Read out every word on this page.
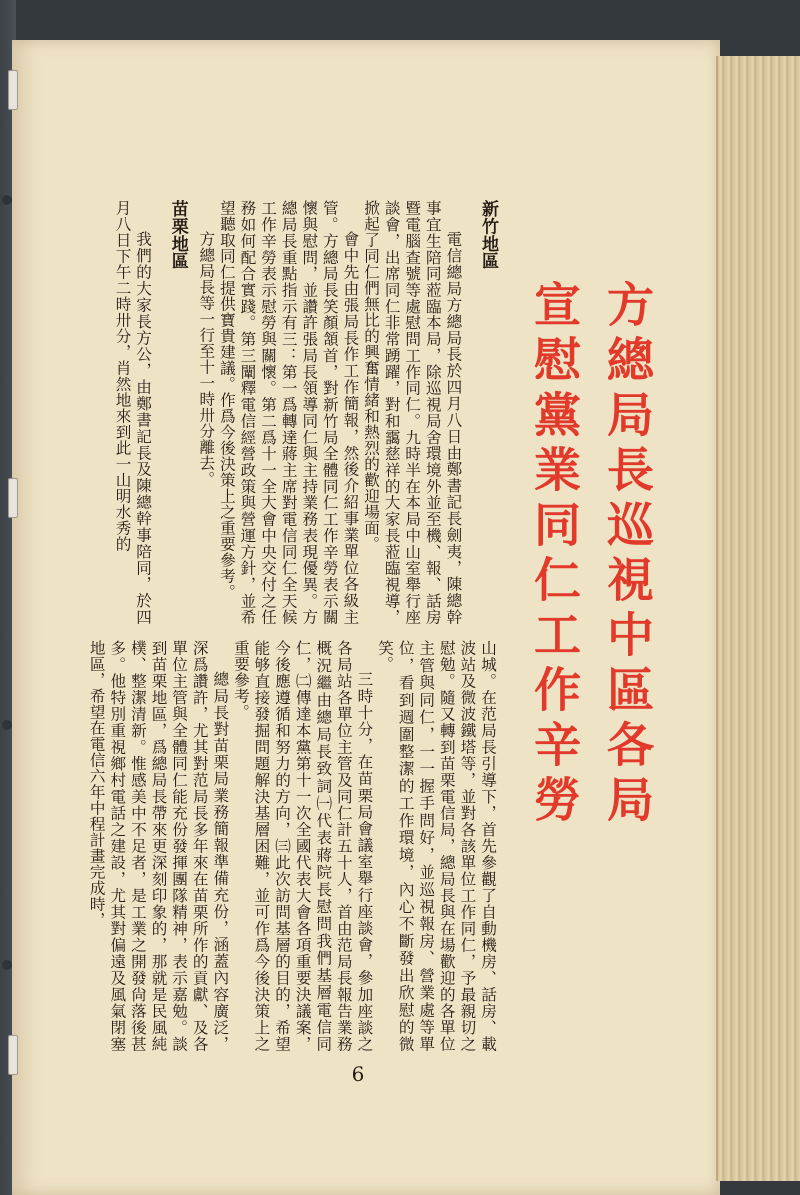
方總局長巡視中區各局
宣慰黨業同仁工作辛勞

新竹地區

電信總局方總局長於四月八日由鄭書記長劍夷，陳總幹事宜生陪同蒞臨本局，除巡視局舍環境外並至機、報、話房暨電腦查號等處慰問工作同仁。九時半在本局中山室舉行座談會，出席同仁非常踴躍，對和靄慈祥的大家長蒞臨視導，掀起了同仁們無比的興奮情緒和熱烈的歡迎場面。

會中先由張局長作工作簡報，然後介紹事業單位各級主管。方總局長笑顏頷首，對新竹局全體同仁工作辛勞表示關懷與慰問，並讚許張局長領導同仁與主持業務表現優異。方總局長重點指示有三：第一爲轉達蔣主席對電信同仁全天候工作辛勞表示慰勞與關懷。第二爲十一全大會中央交付之任務如何配合實踐。第三闡釋電信經營政策與營運方針，並希望聽取同仁提供寶貴建議。作爲今後決策上之重要參考。

方總局長等一行至十一時卅分離去。

苗栗地區

我們的大家長方公，由鄭書記長及陳總幹事陪同，於四月八日下午二時卅分，肖然地來到此一山明水秀的

山城。在范局長引導下，首先參觀了自動機房、話房、載波站及微波鐵塔等，並對各該單位工作同仁，予最親切之慰勉。隨又轉到苗栗電信局，總局長與在場歡迎的各單位主管與同仁，一一握手問好，並巡視報房、營業處等單位，看到週圍整潔的工作環境，內心不斷發出欣慰的微笑。

三時十分，在苗栗局會議室舉行座談會，參加座談之各局站各單位主管及同仁計五十人，首由范局長報告業務概況繼由總局長致詞㈠代表蔣院長慰問我們基層電信同仁，㈡傳達本黨第十一次全國代表大會各項重要決議案，今後應遵循和努力的方向，㈢此次訪問基層的目的，希望能够直接發掘問題解決基層困難，並可作爲今後決策上之重要參考。

總局長對苗栗局業務簡報準備充份，涵蓋內容廣泛，深爲讚許，尤其對范局長多年來在苗栗所作的貢獻、及各單位主管與全體同仁能充份發揮團隊精神，表示嘉勉。談到苗栗地區，爲總局長帶來更深刻印象的，那就是民風純樸、整潔清新。惟感美中不足者，是工業之開發尙落後甚多。他特別重視鄉村電話之建設，尤其對偏遠及風氣閉塞地區，希望在電信六年中程計畫完成時，

6
